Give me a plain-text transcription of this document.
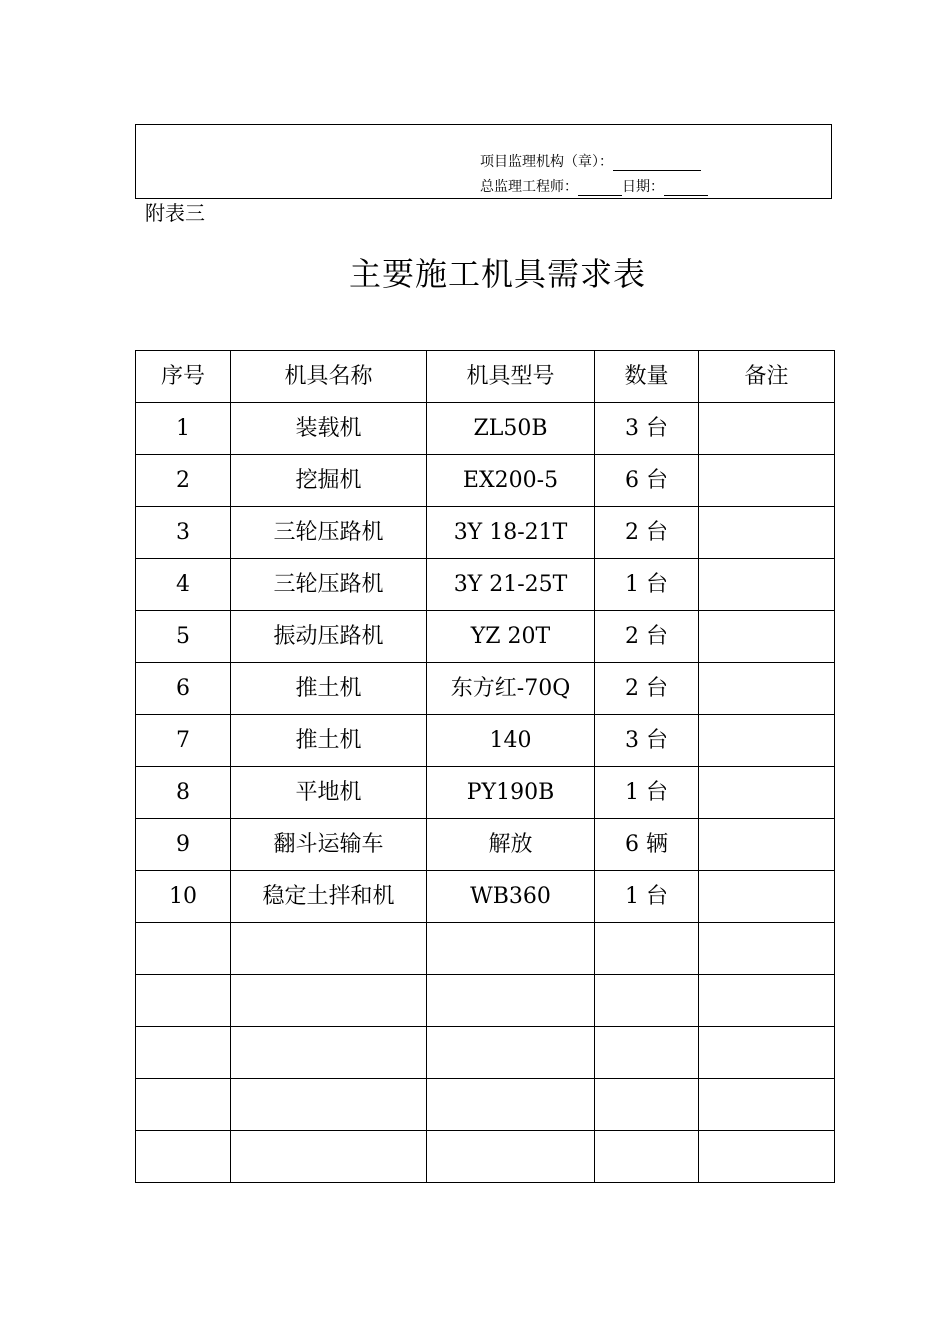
项目监理机构（章）：
总监理工程师：	日期：
附表三
主要施工机具需求表
序号	机具名称	机具型号	数量	备注
1	装载机	ZL50B	3 台	
2	挖掘机	EX200-5	6 台	
3	三轮压路机	3Y 18-21T	2 台	
4	三轮压路机	3Y 21-25T	1 台	
5	振动压路机	YZ 20T	2 台	
6	推土机	东方红-70Q	2 台	
7	推土机	140	3 台	
8	平地机	PY190B	1 台	
9	翻斗运输车	解放	6 辆	
10	稳定土拌和机	WB360	1 台	
